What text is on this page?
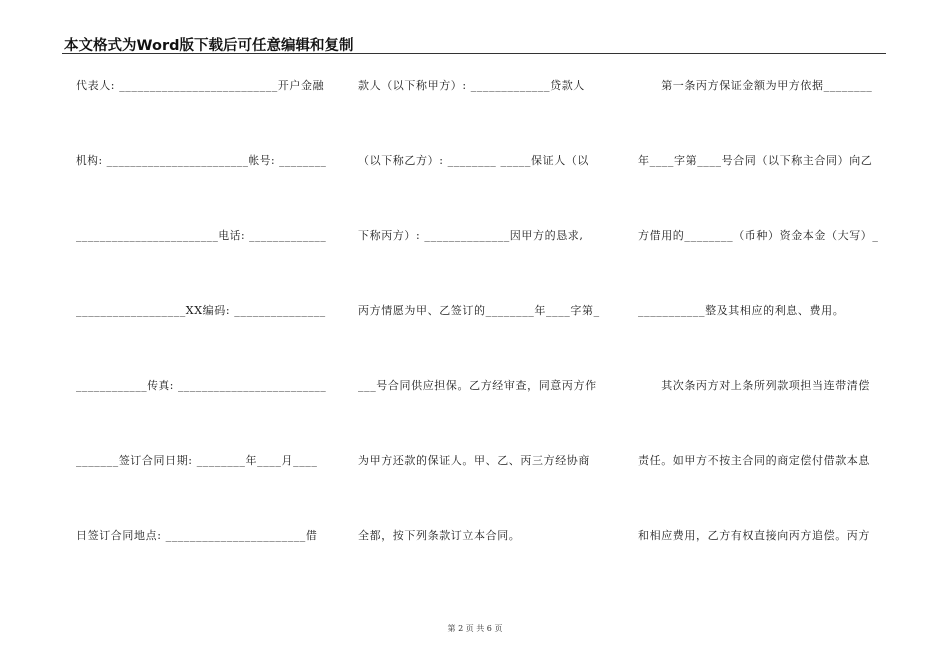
本文格式为Word版下载后可任意编辑和复制
代表人: __________________________开户金融
机构: ________________________帐号: ________
________________________电话: _____________
__________________XX编码: _______________
____________传真: _________________________
_______签订合同日期: ________年____月____
日签订合同地点: _______________________借
款人（以下称甲方）: _____________贷款人
（以下称乙方）: ________ _____保证人（以
下称丙方）: ______________因甲方的恳求,
丙方情愿为甲、乙签订的________年____字第_
___号合同供应担保。乙方经审查，同意丙方作
为甲方还款的保证人。甲、乙、丙三方经协商
全都，按下列条款订立本合同。
　　第一条丙方保证金额为甲方依据________
年____字第____号合同（以下称主合同）向乙
方借用的________（币种）资金本金（大写）_
___________整及其相应的利息、费用。
　　其次条丙方对上条所列款项担当连带清偿
责任。如甲方不按主合同的商定偿付借款本息
和相应费用，乙方有权直接向丙方追偿。丙方
第 2 页 共 6 页
